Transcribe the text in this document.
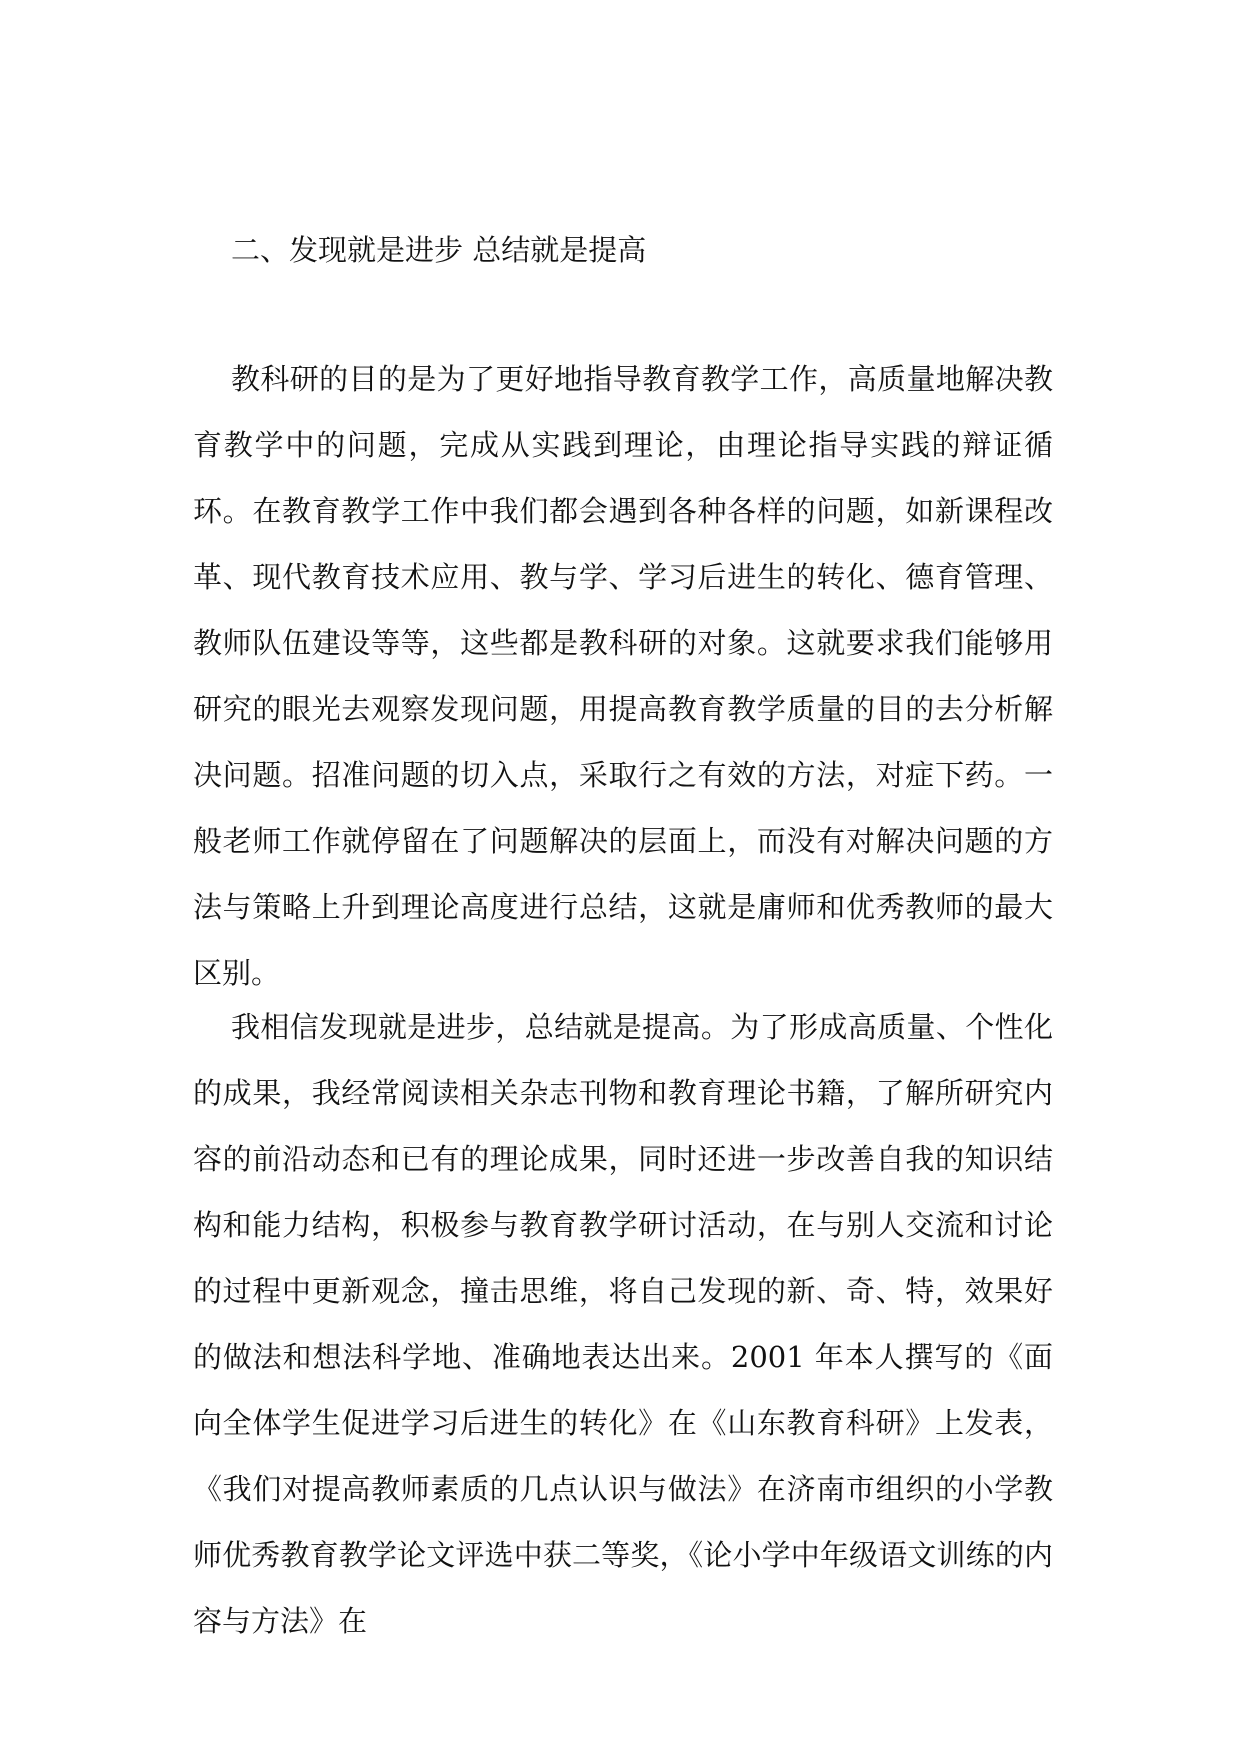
二、发现就是进步 总结就是提高

教科研的目的是为了更好地指导教育教学工作，高质量地解决教育教学中的问题，完成从实践到理论，由理论指导实践的辩证循环。在教育教学工作中我们都会遇到各种各样的问题，如新课程改革、现代教育技术应用、教与学、学习后进生的转化、德育管理、教师队伍建设等等，这些都是教科研的对象。这就要求我们能够用研究的眼光去观察发现问题，用提高教育教学质量的目的去分析解决问题。招准问题的切入点，采取行之有效的方法，对症下药。一般老师工作就停留在了问题解决的层面上，而没有对解决问题的方法与策略上升到理论高度进行总结，这就是庸师和优秀教师的最大区别。

我相信发现就是进步，总结就是提高。为了形成高质量、个性化的成果，我经常阅读相关杂志刊物和教育理论书籍，了解所研究内容的前沿动态和已有的理论成果，同时还进一步改善自我的知识结构和能力结构，积极参与教育教学研讨活动，在与别人交流和讨论的过程中更新观念，撞击思维，将自己发现的新、奇、特，效果好的做法和想法科学地、准确地表达出来。2001 年本人撰写的《面向全体学生促进学习后进生的转化》在《山东教育科研》上发表，《我们对提高教师素质的几点认识与做法》在济南市组织的小学教师优秀教育教学论文评选中获二等奖，《论小学中年级语文训练的内容与方法》在
